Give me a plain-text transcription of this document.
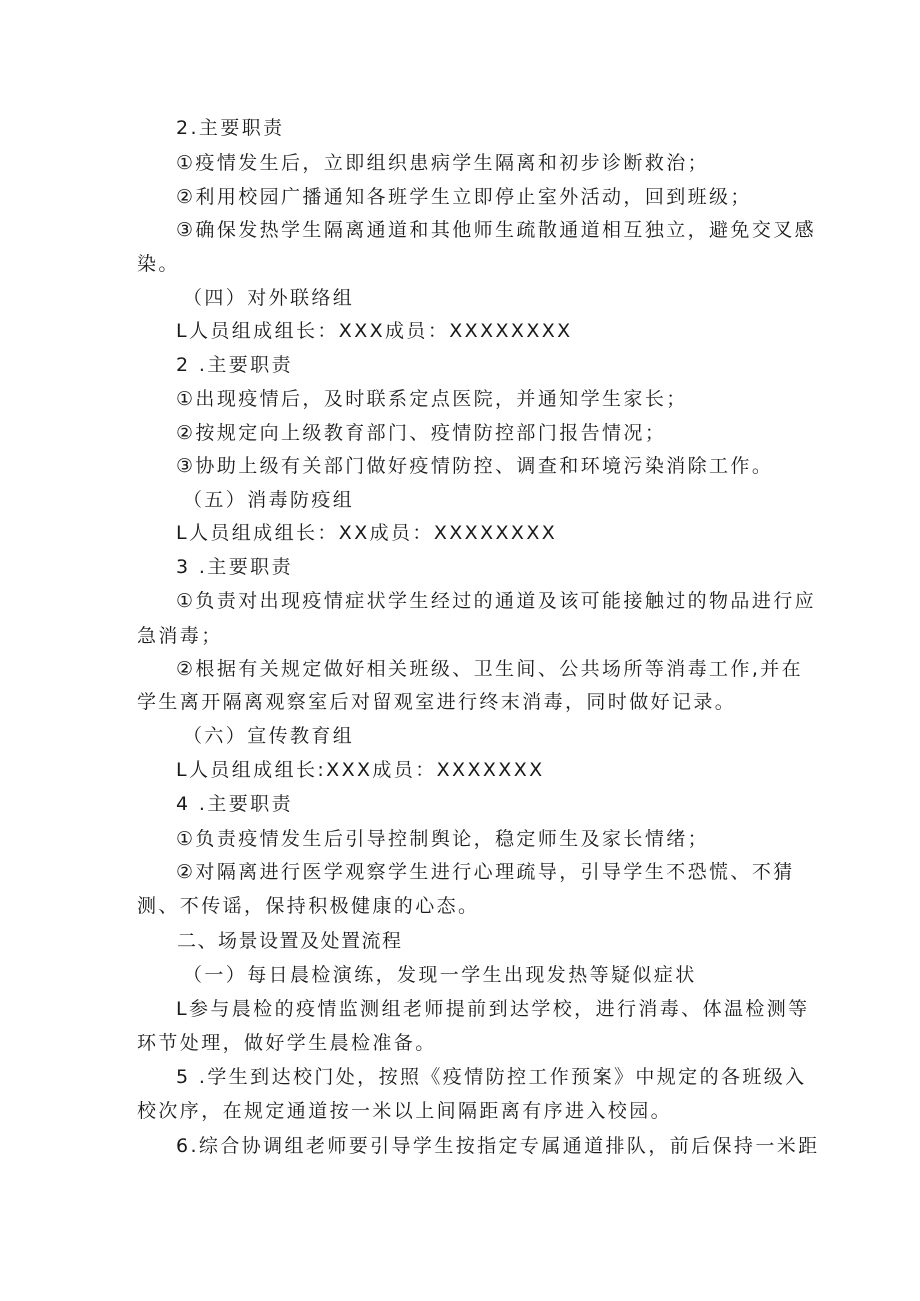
2.主要职责
①疫情发生后，立即组织患病学生隔离和初步诊断救治；
②利用校园广播通知各班学生立即停止室外活动，回到班级；
③确保发热学生隔离通道和其他师生疏散通道相互独立，避免交叉感
染。
（四）对外联络组
L人员组成组长：XXX成员：XXXXXXXX
2 .主要职责
①出现疫情后，及时联系定点医院，并通知学生家长；
②按规定向上级教育部门、疫情防控部门报告情况；
③协助上级有关部门做好疫情防控、调查和环境污染消除工作。
（五）消毒防疫组
L人员组成组长：XX成员：XXXXXXXX
3 .主要职责
①负责对出现疫情症状学生经过的通道及该可能接触过的物品进行应
急消毒；
②根据有关规定做好相关班级、卫生间、公共场所等消毒工作,并在
学生离开隔离观察室后对留观室进行终末消毒，同时做好记录。
（六）宣传教育组
L人员组成组长:XXX成员：XXXXXXX
4 .主要职责
①负责疫情发生后引导控制舆论，稳定师生及家长情绪；
②对隔离进行医学观察学生进行心理疏导，引导学生不恐慌、不猜
测、不传谣，保持积极健康的心态。
二、场景设置及处置流程
（一）每日晨检演练，发现一学生出现发热等疑似症状
L参与晨检的疫情监测组老师提前到达学校，进行消毒、体温检测等
环节处理，做好学生晨检准备。
5 .学生到达校门处，按照《疫情防控工作预案》中规定的各班级入
校次序，在规定通道按一米以上间隔距离有序进入校园。
6.综合协调组老师要引导学生按指定专属通道排队，前后保持一米距
